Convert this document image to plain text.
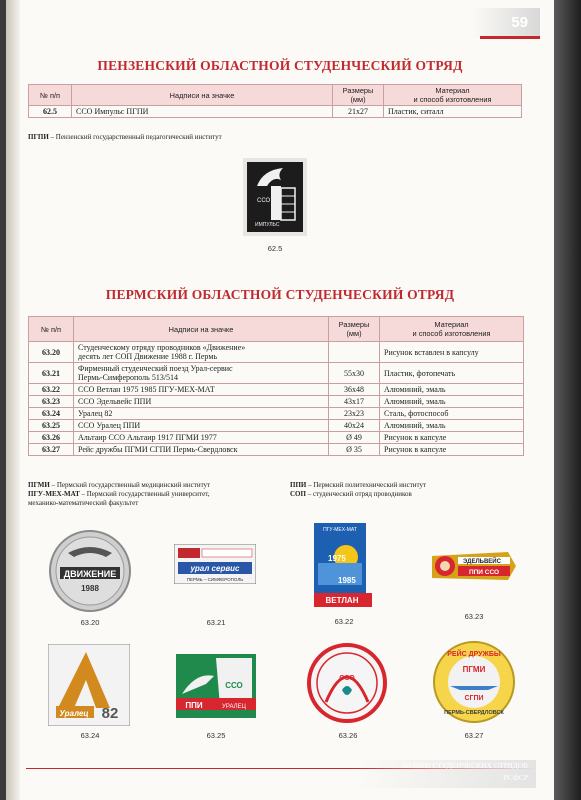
59
ПЕНЗЕНСКИЙ ОБЛАСТНОЙ СТУДЕНЧЕСКИЙ ОТРЯД
№ п/п	Надписи на значке	Размеры
(мм)	Материал
и способ изготовления
62.5	ССО Импульс ПГПИ	21х27	Пластик, ситалл
ПГПИ – Пензенский государственный педагогический институт
ССО
ИМПУЛЬС
62.5
ПЕРМСКИЙ ОБЛАСТНОЙ СТУДЕНЧЕСКИЙ ОТРЯД
№ п/п	Надписи на значке	Размеры
(мм)	Материал
и способ изготовления
63.20	Студенческому отряду проводников «Движение»
десять лет СОП Движение 1988 г. Пермь		Рисунок вставлен в капсулу
63.21	Фирменный студенческий поезд Урал-сервис
Пермь-Симферополь 513/514	55х30	Пластик, фотопечать
63.22	ССО Ветлан 1975 1985 ПГУ-МЕХ-МАТ	36х48	Алюминий, эмаль
63.23	ССО Эдельвейс ППИ	43х17	Алюминий, эмаль
63.24	Уралец 82	23х23	Сталь, фотоспособ
63.25	ССО Уралец ППИ	40х24	Алюминий, эмаль
63.26	Альтаир ССО Альтаир 1917 ПГМИ 1977	Ø 49	Рисунок в капсуле
63.27	Рейс дружбы ПГМИ СГПИ Пермь-Свердловск	Ø 35	Рисунок в капсуле
ПГМИ – Пермский государственный медицинский институт
ПГУ-МЕХ-МАТ – Пермский государственный университет,
механико-математический факультет
ППИ – Пермский политехнический институт
СОП – студенческий отряд проводников
ДВИЖЕНИЕ
1988
63.20
урал сервис
ПЕРМЬ – СИМФЕРОПОЛЬ
63.21
ПГУ-МЕХ-МАТ
1975
1985
ВЕТЛАН
63.22
ЭДЕЛЬВЕЙС
ППИ ССО
63.23
Уралец 82
63.24
ССО
ППИ	УРАЛЕЦ
63.25
ССО
63.26
РЕЙС ДРУЖБЫ
ПГМИ
СГПИ
ПЕРМЬ-СВЕРДЛОВСК
63.27
ЗНАЧКИ СТУДЕНЧЕСКИХ ОТРЯДОВ
РСФСР
